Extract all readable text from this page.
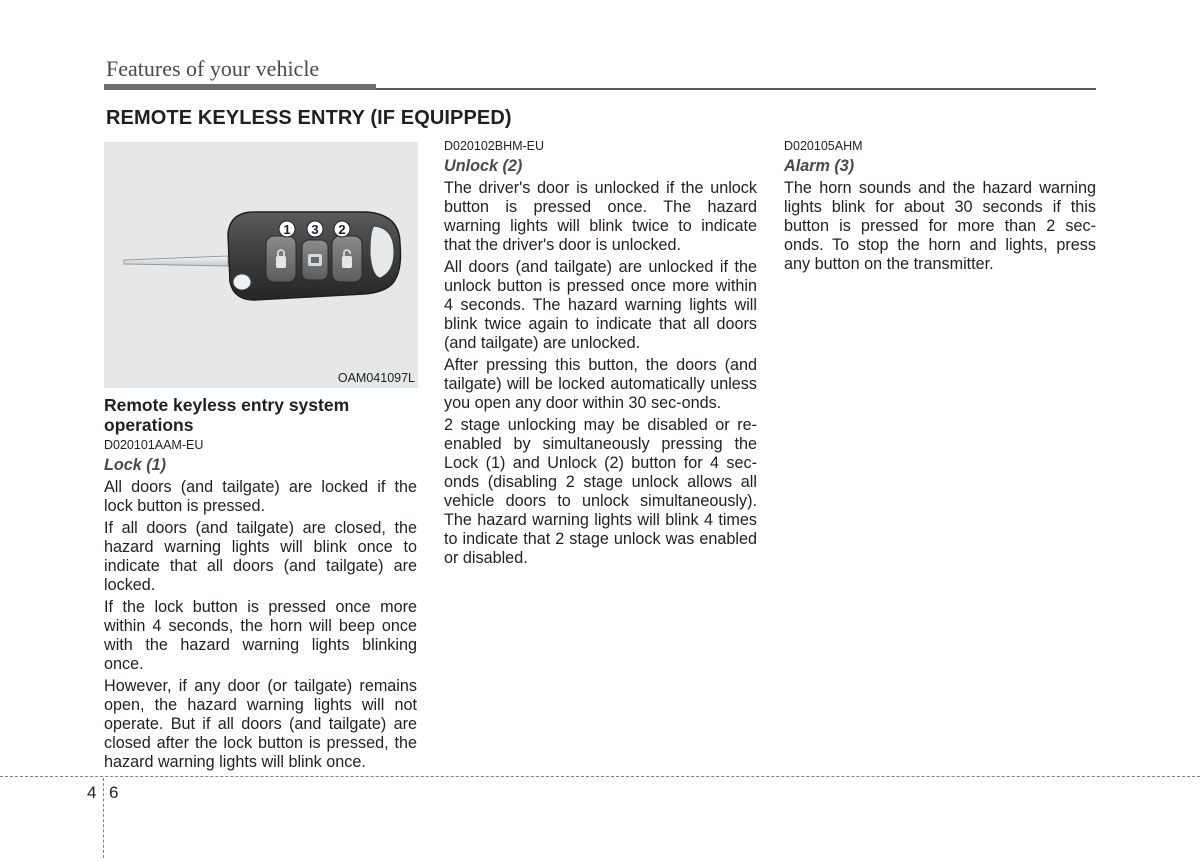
Features of your vehicle
REMOTE KEYLESS ENTRY (IF EQUIPPED)
1 3 2
OAM041097L

Remote keyless entry system operations

D020101AAM-EU

Lock (1)

All doors (and tailgate) are locked if the lock button is pressed.

If all doors (and tailgate) are closed, the hazard warning lights will blink once to indicate that all doors (and tailgate) are locked.

If the lock button is pressed once more within 4 seconds, the horn will beep once with the hazard warning lights blinking once.

However, if any door (or tailgate) remains open, the hazard warning lights will not operate. But if all doors (and tailgate) are closed after the lock button is pressed, the hazard warning lights will blink once.

D020102BHM-EU

Unlock (2)

The driver's door is unlocked if the unlock button is pressed once. The hazard warning lights will blink twice to indicate that the driver's door is unlocked.

All doors (and tailgate) are unlocked if the unlock button is pressed once more within 4 seconds. The hazard warning lights will blink twice again to indicate that all doors (and tailgate) are unlocked.

After pressing this button, the doors (and tailgate) will be locked automatically unless you open any door within 30 sec-onds.

2 stage unlocking may be disabled or re-enabled by simultaneously pressing the Lock (1) and Unlock (2) button for 4 sec-onds (disabling 2 stage unlock allows all vehicle doors to unlock simultaneously). The hazard warning lights will blink 4 times to indicate that 2 stage unlock was enabled or disabled.

D020105AHM

Alarm (3)

The horn sounds and the hazard warning lights blink for about 30 seconds if this button is pressed for more than 2 sec-onds. To stop the horn and lights, press any button on the transmitter.

4 6
